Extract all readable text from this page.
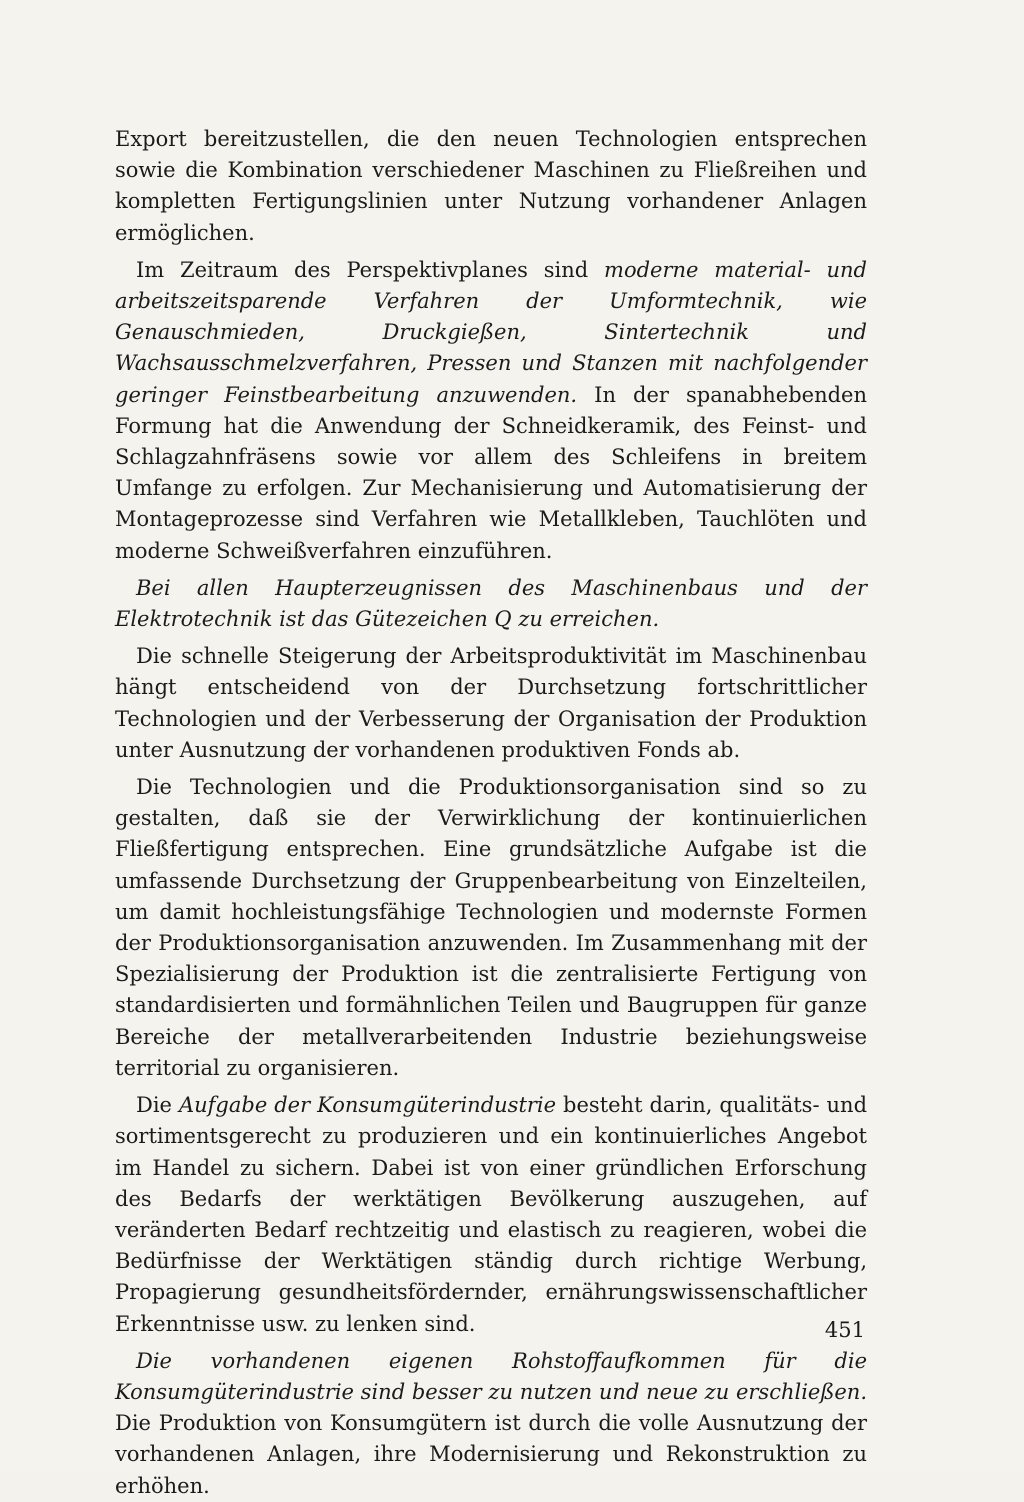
Export bereitzustellen, die den neuen Technologien entsprechen sowie die Kombination verschiedener Maschinen zu Fließreihen und kompletten Fertigungslinien unter Nutzung vorhandener Anlagen ermöglichen.

Im Zeitraum des Perspektivplanes sind moderne material- und arbeitszeitsparende Verfahren der Umformtechnik, wie Genauschmieden, Druckgießen, Sintertechnik und Wachsausschmelzverfahren, Pressen und Stanzen mit nachfolgender geringer Feinstbearbeitung anzuwenden. In der spanabhebenden Formung hat die Anwendung der Schneidkeramik, des Feinst- und Schlagzahnfräsens sowie vor allem des Schleifens in breitem Umfange zu erfolgen. Zur Mechanisierung und Automatisierung der Montageprozesse sind Verfahren wie Metallkleben, Tauchlöten und moderne Schweißverfahren einzuführen.

Bei allen Haupterzeugnissen des Maschinenbaus und der Elektrotechnik ist das Gütezeichen Q zu erreichen.

Die schnelle Steigerung der Arbeitsproduktivität im Maschinenbau hängt entscheidend von der Durchsetzung fortschrittlicher Technologien und der Verbesserung der Organisation der Produktion unter Ausnutzung der vorhandenen produktiven Fonds ab.

Die Technologien und die Produktionsorganisation sind so zu gestalten, daß sie der Verwirklichung der kontinuierlichen Fließfertigung entsprechen. Eine grundsätzliche Aufgabe ist die umfassende Durchsetzung der Gruppenbearbeitung von Einzelteilen, um damit hochleistungsfähige Technologien und modernste Formen der Produktionsorganisation anzuwenden. Im Zusammenhang mit der Spezialisierung der Produktion ist die zentralisierte Fertigung von standardisierten und formähnlichen Teilen und Baugruppen für ganze Bereiche der metallverarbeitenden Industrie beziehungsweise territorial zu organisieren.

Die Aufgabe der Konsumgüterindustrie besteht darin, qualitäts- und sortimentsgerecht zu produzieren und ein kontinuierliches Angebot im Handel zu sichern. Dabei ist von einer gründlichen Erforschung des Bedarfs der werktätigen Bevölkerung auszugehen, auf veränderten Bedarf rechtzeitig und elastisch zu reagieren, wobei die Bedürfnisse der Werktätigen ständig durch richtige Werbung, Propagierung gesundheitsfördernder, ernährungswissenschaftlicher Erkenntnisse usw. zu lenken sind.

Die vorhandenen eigenen Rohstoffaufkommen für die Konsumgüterindustrie sind besser zu nutzen und neue zu erschließen. Die Produktion von Konsumgütern ist durch die volle Ausnutzung der vorhandenen Anlagen, ihre Modernisierung und Rekonstruktion zu erhöhen.

451
